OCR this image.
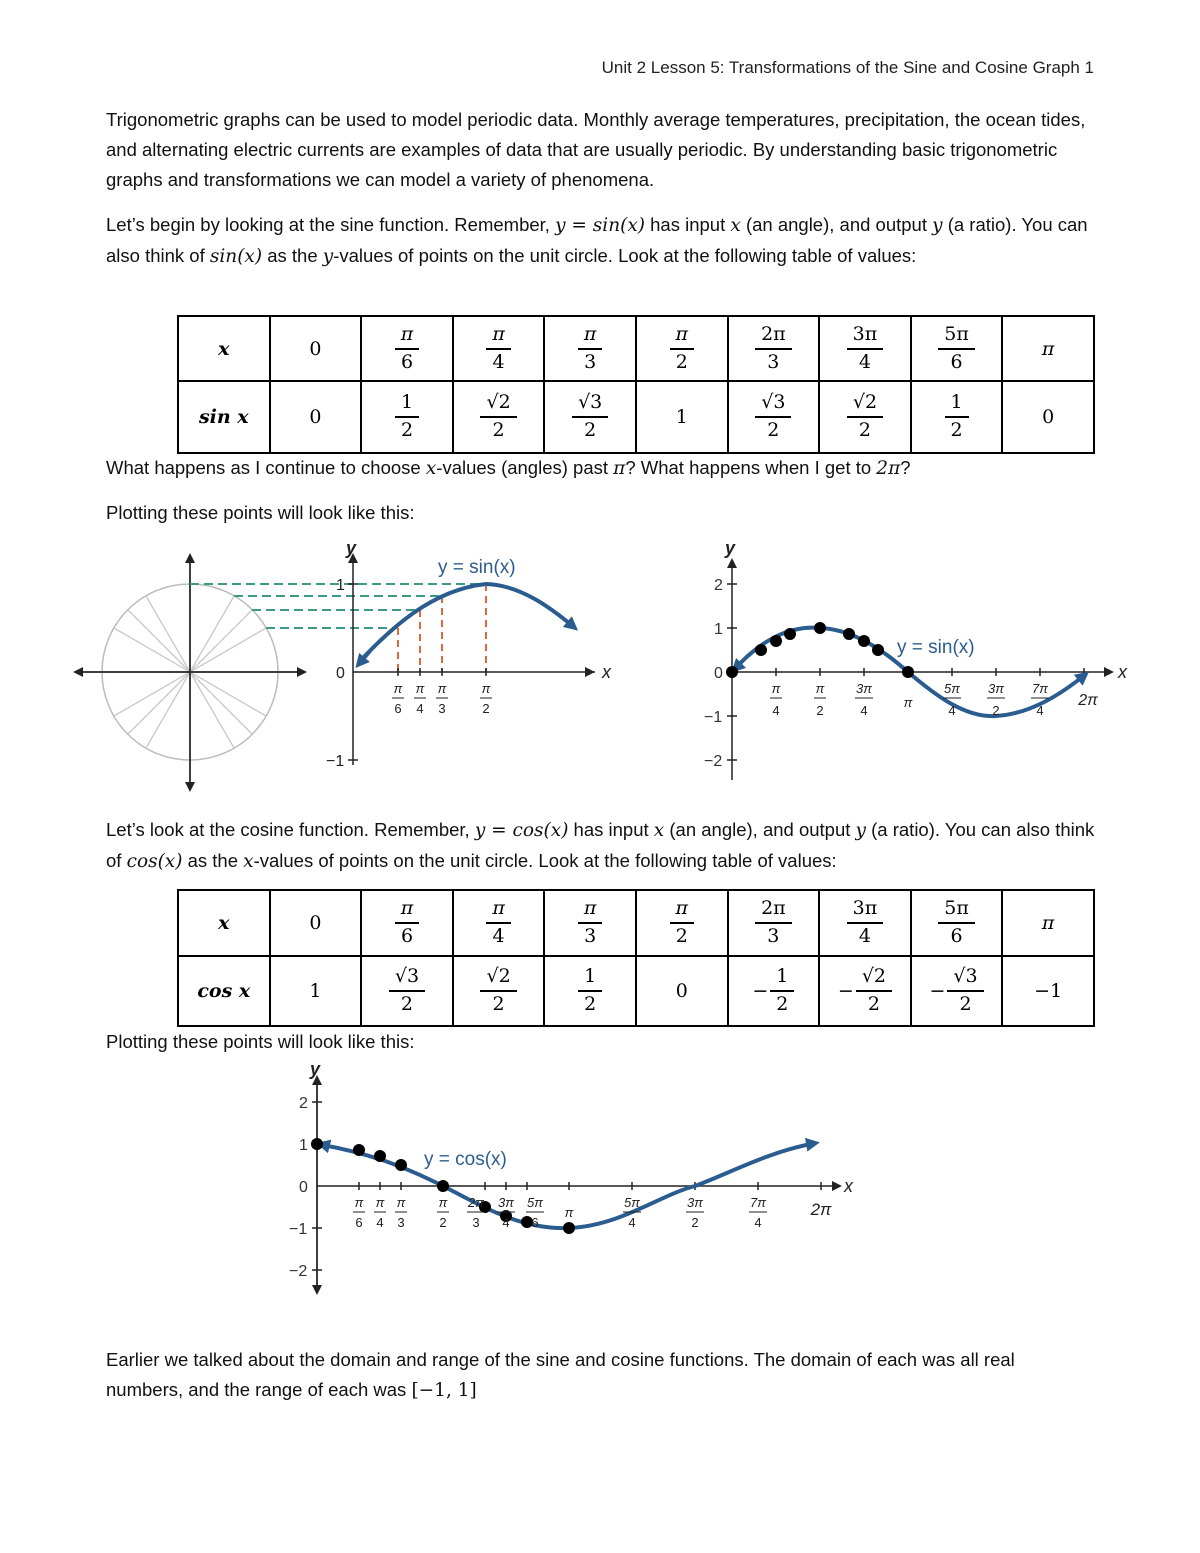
Unit 2 Lesson 5: Transformations of the Sine and Cosine Graph 1
Trigonometric graphs can be used to model periodic data. Monthly average temperatures, precipitation, the ocean tides, and alternating electric currents are examples of data that are usually periodic. By understanding basic trigonometric graphs and transformations we can model a variety of phenomena.
Let’s begin by looking at the sine function. Remember, y = sin(x) has input x (an angle), and output y (a ratio). You can also think of sin(x) as the y-values of points on the unit circle. Look at the following table of values:
x	0	$\frac{\pi}{6}$	$\frac{\pi}{4}$	$\frac{\pi}{3}$	$\frac{\pi}{2}$	$\frac{2\pi}{3}$	$\frac{3\pi}{4}$	$\frac{5\pi}{6}$	π
sin x	0	$\frac{1}{2}$	$\frac{√2}{2}$	$\frac{√3}{2}$	1	$\frac{√3}{2}$	$\frac{√2}{2}$	$\frac{1}{2}$	0
What happens as I continue to choose x-values (angles) past π? What happens when I get to 2π?
Plotting these points will look like this:
x
y
1
0
−1
y = sin(x)
π
6
π
4
π
3
π
2
x
y
2
1
0
−1
−2
y = sin(x)
π
4
π
2
3π
4
π
5π
4
3π
2
7π
4
2π
Let’s look at the cosine function. Remember, y = cos(x) has input x (an angle), and output y (a ratio). You can also think of cos(x) as the x-values of points on the unit circle. Look at the following table of values:
x	0	$\frac{\pi}{6}$	$\frac{\pi}{4}$	$\frac{\pi}{3}$	$\frac{\pi}{2}$	$\frac{2\pi}{3}$	$\frac{3\pi}{4}$	$\frac{5\pi}{6}$	π
cos x	1	$\frac{√3}{2}$	$\frac{√2}{2}$	$\frac{1}{2}$	0	− $\frac{1}{2}$	− $\frac{√2}{2}$	− $\frac{√3}{2}$	−1
Plotting these points will look like this:
x
y
2
1
0
−1
−2
y = cos(x)
π
6
π
4
π
3
π
2
2π
3
3π
4
5π
6
π
5π
4
3π
2
7π
4
2π
Earlier we talked about the domain and range of the sine and cosine functions. The domain of each was all real numbers, and the range of each was [−1, 1]
